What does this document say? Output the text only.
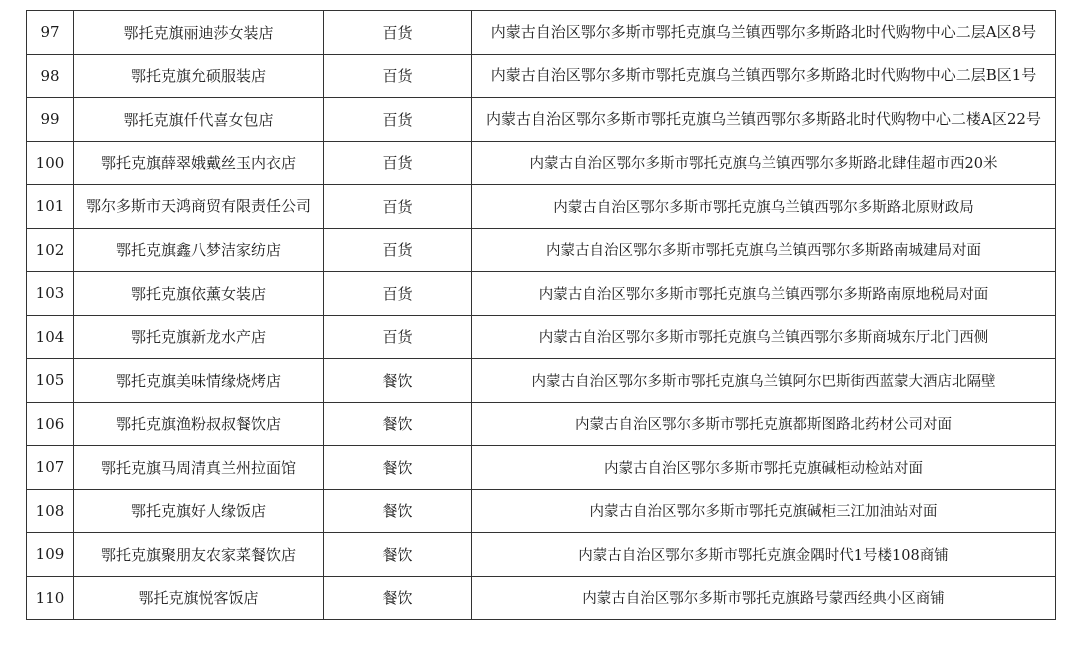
97	鄂托克旗丽迪莎女装店	百货	内蒙古自治区鄂尔多斯市鄂托克旗乌兰镇西鄂尔多斯路北时代购物中心二层A区8号
98	鄂托克旗允硕服装店	百货	内蒙古自治区鄂尔多斯市鄂托克旗乌兰镇西鄂尔多斯路北时代购物中心二层B区1号
99	鄂托克旗仟代喜女包店	百货	内蒙古自治区鄂尔多斯市鄂托克旗乌兰镇西鄂尔多斯路北时代购物中心二楼A区22号
100	鄂托克旗薛翠娥戴丝玉内衣店	百货	内蒙古自治区鄂尔多斯市鄂托克旗乌兰镇西鄂尔多斯路北肆佳超市西20米
101	鄂尔多斯市天鸿商贸有限责任公司	百货	内蒙古自治区鄂尔多斯市鄂托克旗乌兰镇西鄂尔多斯路北原财政局
102	鄂托克旗鑫八梦洁家纺店	百货	内蒙古自治区鄂尔多斯市鄂托克旗乌兰镇西鄂尔多斯路南城建局对面
103	鄂托克旗依薰女装店	百货	内蒙古自治区鄂尔多斯市鄂托克旗乌兰镇西鄂尔多斯路南原地税局对面
104	鄂托克旗新龙水产店	百货	内蒙古自治区鄂尔多斯市鄂托克旗乌兰镇西鄂尔多斯商城东厅北门西侧
105	鄂托克旗美味情缘烧烤店	餐饮	内蒙古自治区鄂尔多斯市鄂托克旗乌兰镇阿尔巴斯街西蓝蒙大酒店北隔壁
106	鄂托克旗渔粉叔叔餐饮店	餐饮	内蒙古自治区鄂尔多斯市鄂托克旗都斯图路北药材公司对面
107	鄂托克旗马周清真兰州拉面馆	餐饮	内蒙古自治区鄂尔多斯市鄂托克旗碱柜动检站对面
108	鄂托克旗好人缘饭店	餐饮	内蒙古自治区鄂尔多斯市鄂托克旗碱柜三江加油站对面
109	鄂托克旗聚朋友农家菜餐饮店	餐饮	内蒙古自治区鄂尔多斯市鄂托克旗金隅时代1号楼108商铺
110	鄂托克旗悦客饭店	餐饮	内蒙古自治区鄂尔多斯市鄂托克旗路号蒙西经典小区商铺
